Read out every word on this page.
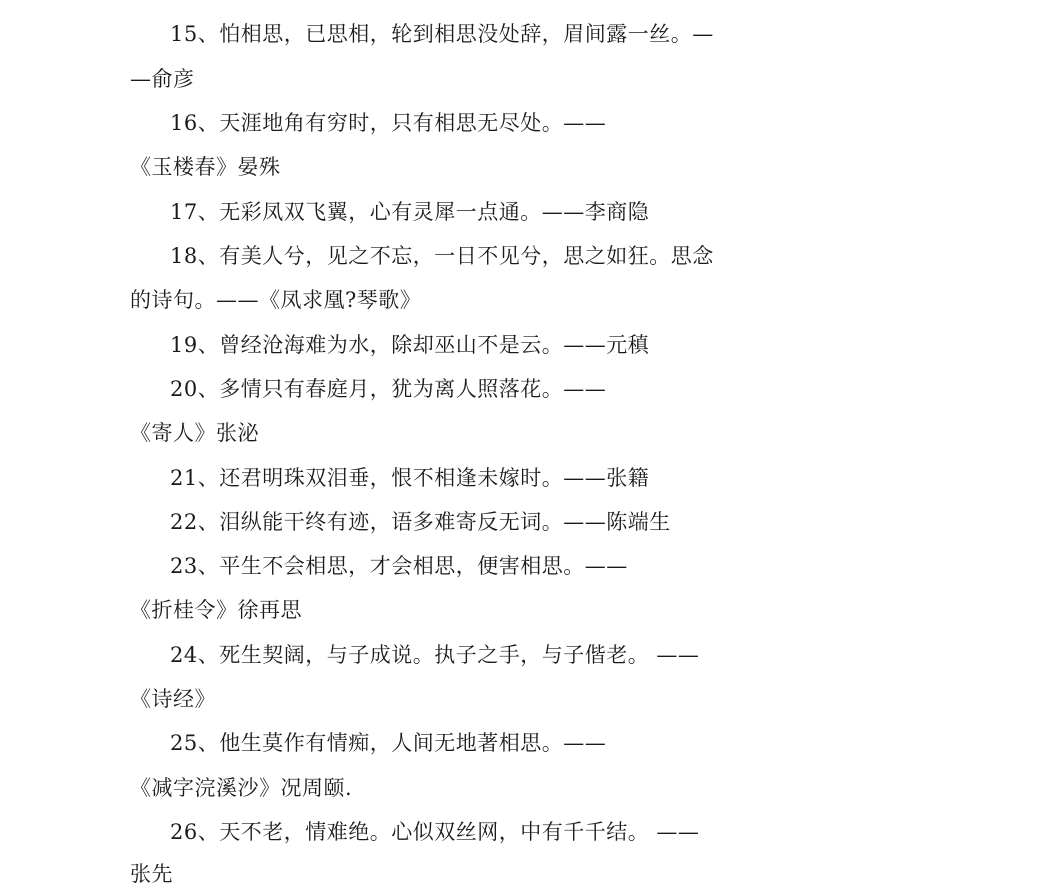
15、怕相思，已思相，轮到相思没处辞，眉间露一丝。—
—俞彦
16、天涯地角有穷时，只有相思无尽处。——
《玉楼春》晏殊
17、无彩凤双飞翼，心有灵犀一点通。——李商隐
18、有美人兮，见之不忘，一日不见兮，思之如狂。思念
的诗句。——《凤求凰?琴歌》
19、曾经沧海难为水，除却巫山不是云。——元稹
20、多情只有春庭月，犹为离人照落花。——
《寄人》张泌
21、还君明珠双泪垂，恨不相逢未嫁时。——张籍
22、泪纵能干终有迹，语多难寄反无词。——陈端生
23、平生不会相思，才会相思，便害相思。——
《折桂令》徐再思
24、死生契阔，与子成说。执子之手，与子偕老。 ——
《诗经》
25、他生莫作有情痴，人间无地著相思。——
《减字浣溪沙》况周颐.
26、天不老，情难绝。心似双丝网，中有千千结。 ——
张先
